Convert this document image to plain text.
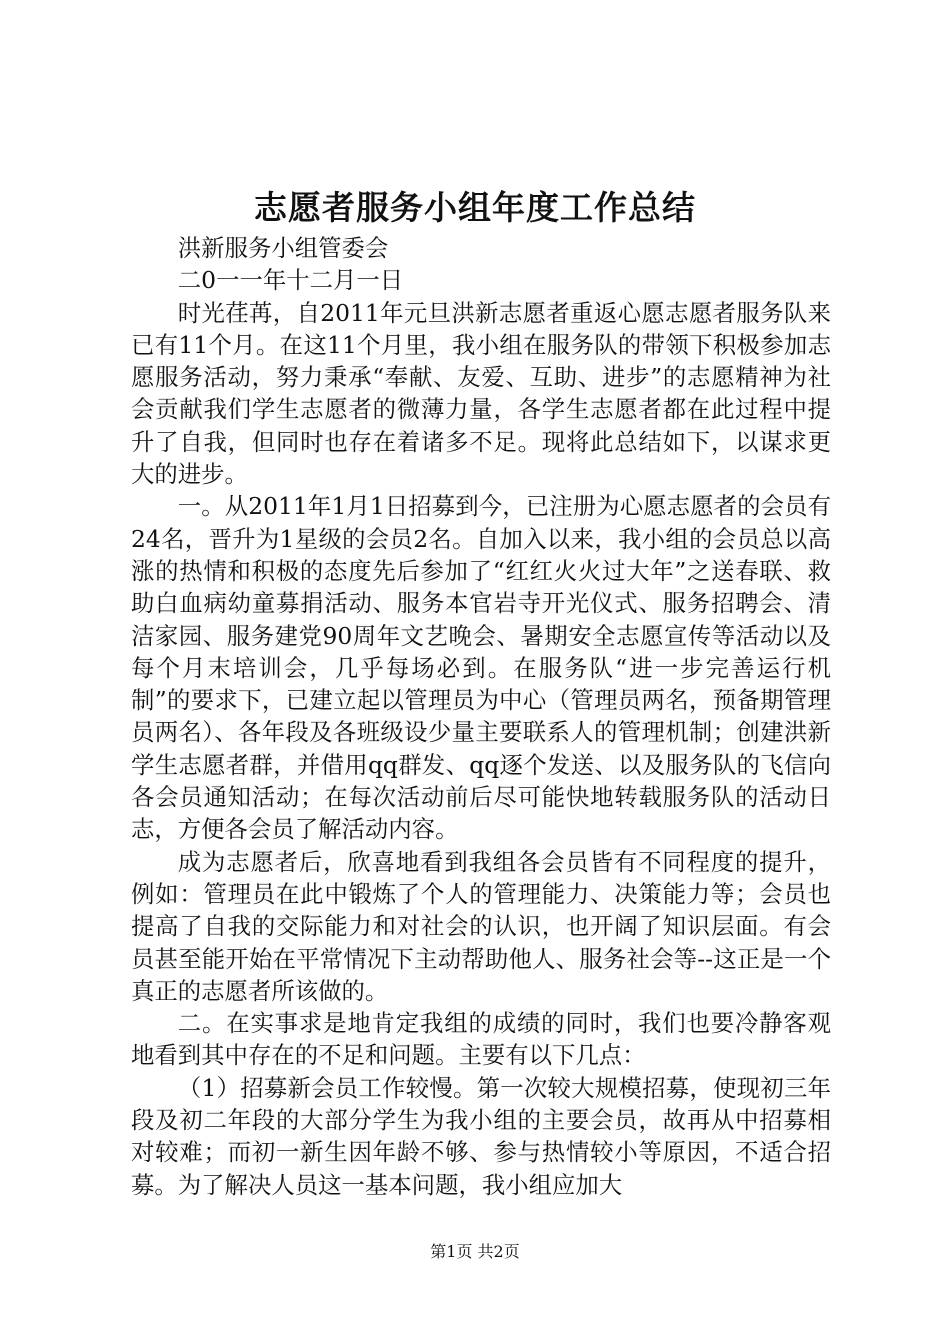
志愿者服务小组年度工作总结

洪新服务小组管委会

二0一一年十二月一日

时光荏苒，自2011年元旦洪新志愿者重返心愿志愿者服务队来已有11个月。在这11个月里，我小组在服务队的带领下积极参加志愿服务活动，努力秉承“奉献、友爱、互助、进步”的志愿精神为社会贡献我们学生志愿者的微薄力量，各学生志愿者都在此过程中提升了自我，但同时也存在着诸多不足。现将此总结如下，以谋求更大的进步。

一。从2011年1月1日招募到今，已注册为心愿志愿者的会员有24名，晋升为1星级的会员2名。自加入以来，我小组的会员总以高涨的热情和积极的态度先后参加了“红红火火过大年”之送春联、救助白血病幼童募捐活动、服务本官岩寺开光仪式、服务招聘会、清洁家园、服务建党90周年文艺晚会、暑期安全志愿宣传等活动以及每个月末培训会，几乎每场必到。在服务队“进一步完善运行机制”的要求下，已建立起以管理员为中心（管理员两名，预备期管理员两名）、各年段及各班级设少量主要联系人的管理机制；创建洪新学生志愿者群，并借用qq群发、qq逐个发送、以及服务队的飞信向各会员通知活动；在每次活动前后尽可能快地转载服务队的活动日志，方便各会员了解活动内容。

成为志愿者后，欣喜地看到我组各会员皆有不同程度的提升，例如：管理员在此中锻炼了个人的管理能力、决策能力等；会员也提高了自我的交际能力和对社会的认识，也开阔了知识层面。有会员甚至能开始在平常情况下主动帮助他人、服务社会等--这正是一个真正的志愿者所该做的。

二。在实事求是地肯定我组的成绩的同时，我们也要冷静客观地看到其中存在的不足和问题。主要有以下几点：

（1）招募新会员工作较慢。第一次较大规模招募，使现初三年段及初二年段的大部分学生为我小组的主要会员，故再从中招募相对较难；而初一新生因年龄不够、参与热情较小等原因，不适合招募。为了解决人员这一基本问题，我小组应加大

第1页 共2页
